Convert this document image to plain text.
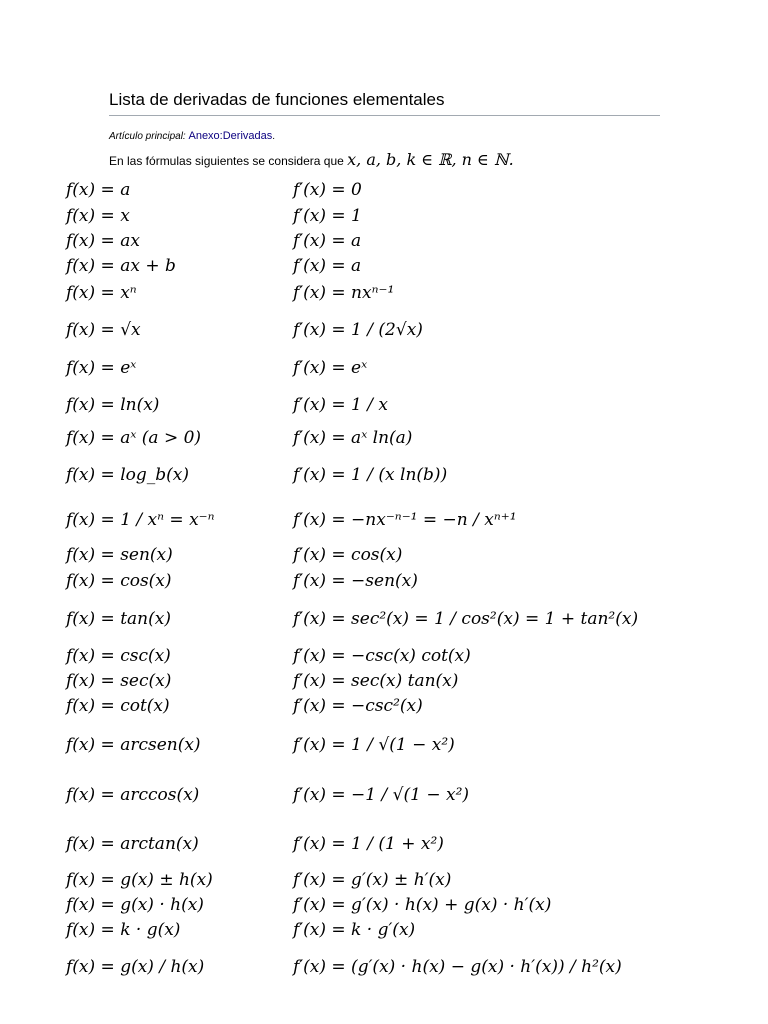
Lista de derivadas de funciones elementales
Artículo principal: Anexo:Derivadas.
En las fórmulas siguientes se considera que x, a, b, k ∈ ℝ, n ∈ ℕ.
f(x) = a	f′(x) = 0
f(x) = x	f′(x) = 1
f(x) = ax	f′(x) = a
f(x) = ax + b	f′(x) = a
f(x) = xⁿ	f′(x) = nxⁿ⁻¹
f(x) = √x	f′(x) = 1 / (2√x)
f(x) = eˣ	f′(x) = eˣ
f(x) = ln(x)	f′(x) = 1 / x
f(x) = aˣ (a > 0)	f′(x) = aˣ ln(a)
f(x) = log_b(x)	f′(x) = 1 / (x ln(b))
f(x) = 1 / xⁿ = x⁻ⁿ	f′(x) = −nx⁻ⁿ⁻¹ = −n / xⁿ⁺¹
f(x) = sen(x)	f′(x) = cos(x)
f(x) = cos(x)	f′(x) = −sen(x)
f(x) = tan(x)	f′(x) = sec²(x) = 1 / cos²(x) = 1 + tan²(x)
f(x) = csc(x)	f′(x) = −csc(x) cot(x)
f(x) = sec(x)	f′(x) = sec(x) tan(x)
f(x) = cot(x)	f′(x) = −csc²(x)
f(x) = arcsen(x)	f′(x) = 1 / √(1 − x²)
f(x) = arccos(x)	f′(x) = −1 / √(1 − x²)
f(x) = arctan(x)	f′(x) = 1 / (1 + x²)
f(x) = g(x) ± h(x)	f′(x) = g′(x) ± h′(x)
f(x) = g(x) · h(x)	f′(x) = g′(x) · h(x) + g(x) · h′(x)
f(x) = k · g(x)	f′(x) = k · g′(x)
f(x) = g(x) / h(x)	f′(x) = (g′(x) · h(x) − g(x) · h′(x)) / h²(x)
